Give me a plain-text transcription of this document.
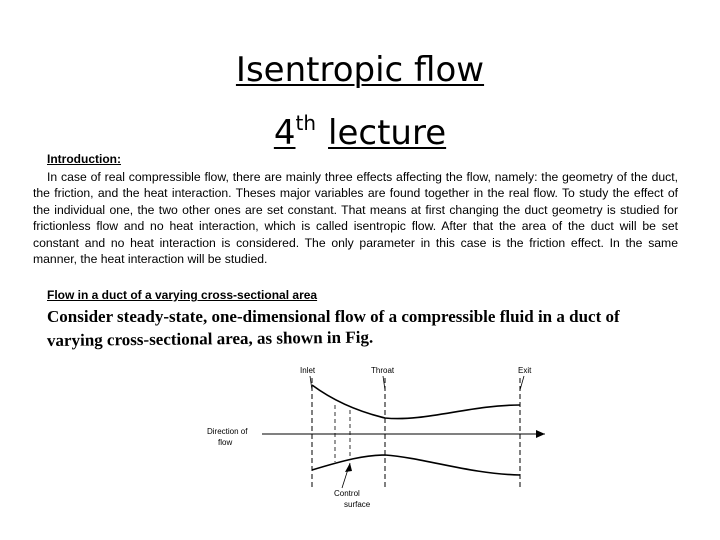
Isentropic flow
4th lecture
Introduction:
In case of real compressible flow, there are mainly three effects affecting the flow, namely: the geometry of the duct, the friction, and the heat interaction. Theses major variables are found together in the real flow. To study the effect of the individual one, the two other ones are set constant. That means at first changing the duct geometry is studied for frictionless flow and no heat interaction, which is called isentropic flow. After that the area of the duct will be set constant and no heat interaction is considered. The only parameter in this case is the friction effect. In the same manner, the heat interaction will be studied.
Flow in a duct of a varying cross-sectional area
Consider steady-state, one-dimensional flow of a compressible fluid in a duct of
varying cross-sectional area, as shown in Fig.
Inlet	Throat	Exit
Direction of
flow
Control
surface
